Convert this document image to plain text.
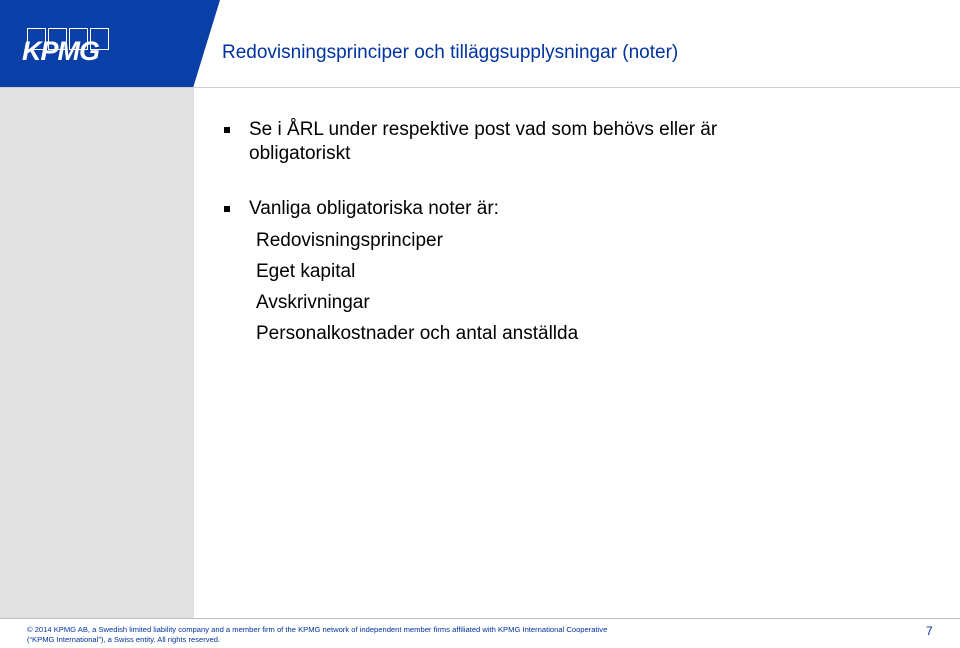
KPMG	Redovisningsprinciper och tilläggsupplysningar (noter)
Se i ÅRL under respektive post vad som behövs eller är obligatoriskt
Vanliga obligatoriska noter är:
Redovisningsprinciper
Eget kapital
Avskrivningar
Personalkostnader och antal anställda
© 2014 KPMG AB, a Swedish limited liability company and a member firm of the KPMG network of independent member firms affiliated with KPMG International Cooperative
(“KPMG International”), a Swiss entity. All rights reserved.
7
